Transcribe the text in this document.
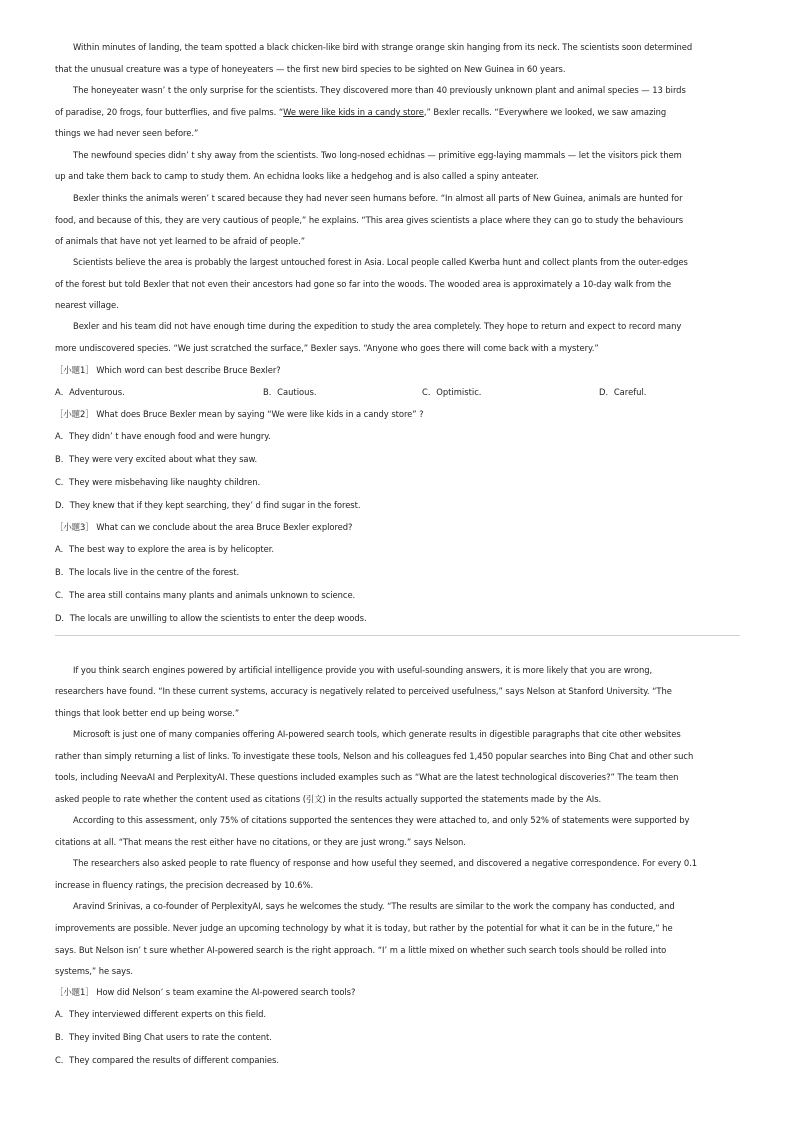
Within minutes of landing, the team spotted a black chicken-like bird with strange orange skin hanging from its neck. The scientists soon determined
that the unusual creature was a type of honeyeaters — the first new bird species to be sighted on New Guinea in 60 years.
The honeyeater wasn’ t the only surprise for the scientists. They discovered more than 40 previously unknown plant and animal species — 13 birds
of paradise, 20 frogs, four butterflies, and five palms. “We were like kids in a candy store,” Bexler recalls. “Everywhere we looked, we saw amazing
things we had never seen before.”
The newfound species didn’ t shy away from the scientists. Two long-nosed echidnas — primitive egg-laying mammals — let the visitors pick them
up and take them back to camp to study them. An echidna looks like a hedgehog and is also called a spiny anteater.
Bexler thinks the animals weren’ t scared because they had never seen humans before. “In almost all parts of New Guinea, animals are hunted for
food, and because of this, they are very cautious of people,” he explains. “This area gives scientists a place where they can go to study the behaviours
of animals that have not yet learned to be afraid of people.”
Scientists believe the area is probably the largest untouched forest in Asia. Local people called Kwerba hunt and collect plants from the outer-edges
of the forest but told Bexler that not even their ancestors had gone so far into the woods. The wooded area is approximately a 10-day walk from the
nearest village.
Bexler and his team did not have enough time during the expedition to study the area completely. They hope to return and expect to record many
more undiscovered species. “We just scratched the surface,” Bexler says. “Anyone who goes there will come back with a mystery.”
［小题1］ Which word can best describe Bruce Bexler?
A．Adventurous.	B．Cautious.	C．Optimistic.	D．Careful.
［小题2］ What does Bruce Bexler mean by saying “We were like kids in a candy store” ?
A．They didn’ t have enough food and were hungry.
B．They were very excited about what they saw.
C．They were misbehaving like naughty children.
D．They knew that if they kept searching, they’ d find sugar in the forest.
［小题3］ What can we conclude about the area Bruce Bexler explored?
A．The best way to explore the area is by helicopter.
B．The locals live in the centre of the forest.
C．The area still contains many plants and animals unknown to science.
D．The locals are unwilling to allow the scientists to enter the deep woods.
If you think search engines powered by artificial intelligence provide you with useful-sounding answers, it is more likely that you are wrong,
researchers have found. “In these current systems, accuracy is negatively related to perceived usefulness,” says Nelson at Stanford University. “The
things that look better end up being worse.”
Microsoft is just one of many companies offering AI-powered search tools, which generate results in digestible paragraphs that cite other websites
rather than simply returning a list of links. To investigate these tools, Nelson and his colleagues fed 1,450 popular searches into Bing Chat and other such
tools, including NeevaAI and PerplexityAI. These questions included examples such as “What are the latest technological discoveries?” The team then
asked people to rate whether the content used as citations (引文) in the results actually supported the statements made by the AIs.
According to this assessment, only 75% of citations supported the sentences they were attached to, and only 52% of statements were supported by
citations at all. “That means the rest either have no citations, or they are just wrong.” says Nelson.
The researchers also asked people to rate fluency of response and how useful they seemed, and discovered a negative correspondence. For every 0.1
increase in fluency ratings, the precision decreased by 10.6%.
Aravind Srinivas, a co-founder of PerplexityAI, says he welcomes the study. “The results are similar to the work the company has conducted, and
improvements are possible. Never judge an upcoming technology by what it is today, but rather by the potential for what it can be in the future,” he
says. But Nelson isn’ t sure whether AI-powered search is the right approach. “I’ m a little mixed on whether such search tools should be rolled into
systems,” he says.
［小题1］ How did Nelson’ s team examine the AI-powered search tools?
A．They interviewed different experts on this field.
B．They invited Bing Chat users to rate the content.
C．They compared the results of different companies.
